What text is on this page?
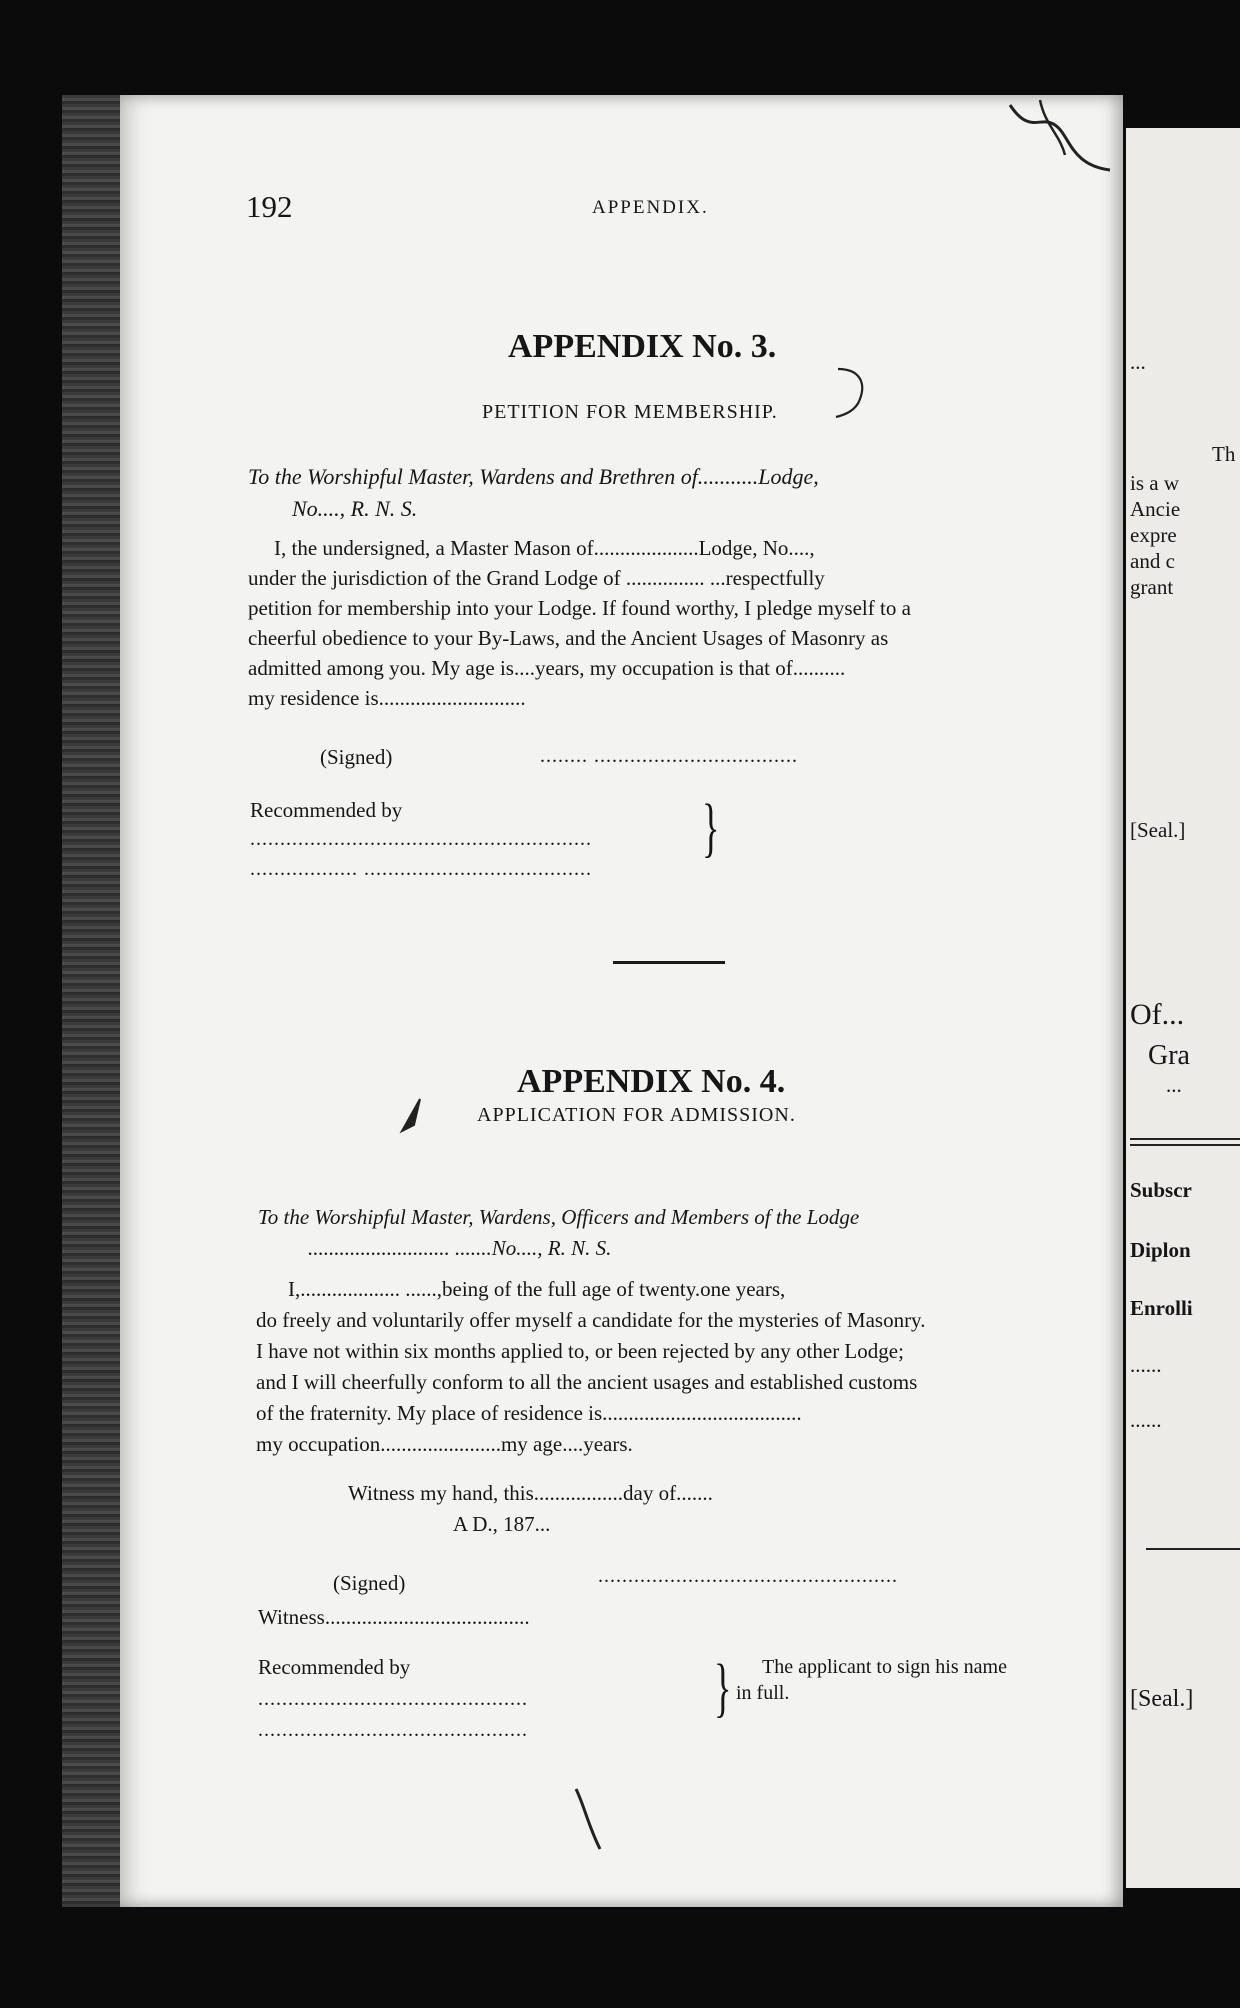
192	APPENDIX.
APPENDIX No. 3.
PETITION FOR MEMBERSHIP.
To the Worshipful Master, Wardens and Brethren of...........Lodge,
No...., R. N. S.
I, the undersigned, a Master Mason of....................Lodge, No....,
under the jurisdiction of the Grand Lodge of ............... ...respectfully
petition for membership into your Lodge. If found worthy, I pledge myself to a
cheerful obedience to your By-Laws, and the Ancient Usages of Masonry as
admitted among you. My age is....years, my occupation is that of..........
my residence is............................
(Signed)	........ ..................................
Recommended by
.........................................................
.................. ......................................
}
APPENDIX No. 4.
APPLICATION FOR ADMISSION.
To the Worshipful Master, Wardens, Officers and Members of the Lodge
........................... .......No...., R. N. S.
I,................... ......,being of the full age of twenty.one years,
do freely and voluntarily offer myself a candidate for the mysteries of Masonry.
I have not within six months applied to, or been rejected by any other Lodge;
and I will cheerfully conform to all the ancient usages and established customs
of the fraternity. My place of residence is......................................
my occupation.......................my age....years.
Witness my hand, this.................day of.......
A D., 187...
(Signed)	..................................................
Witness.......................................
Recommended by
.............................................
.............................................
} The applicant to sign his name
in full.
...
Th
is a w
Ancie
expre
and c
grant
[Seal.]
Of...
Gra
...
Subscr
Diplon
Enrolli
......
......
[Seal.]
